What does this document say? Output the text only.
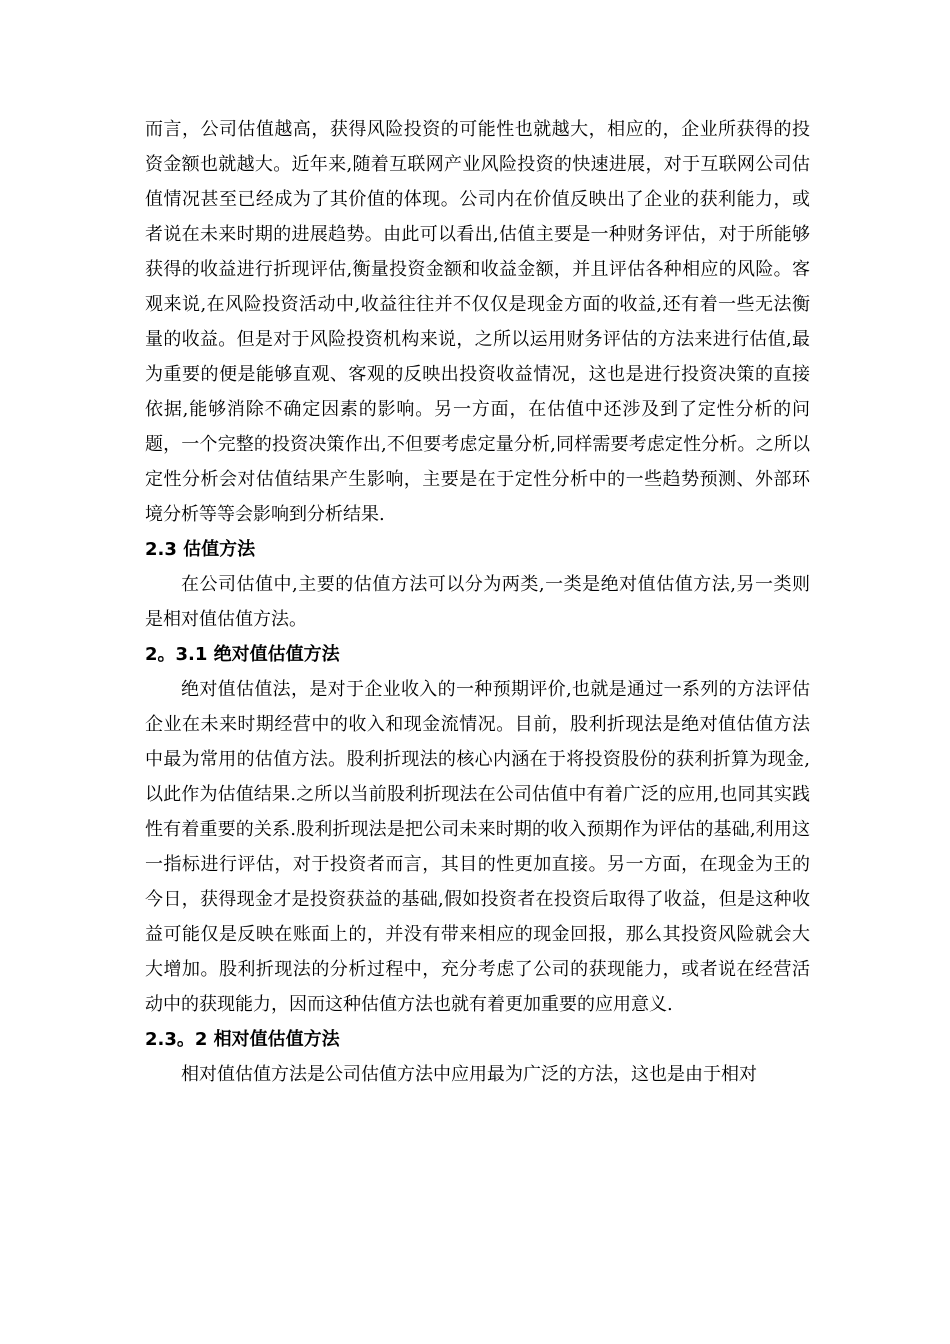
而言，公司估值越高，获得风险投资的可能性也就越大，相应的，企业所获得的投资金额也就越大。近年来,随着互联网产业风险投资的快速进展，对于互联网公司估值情况甚至已经成为了其价值的体现。公司内在价值反映出了企业的获利能力，或者说在未来时期的进展趋势。由此可以看出,估值主要是一种财务评估，对于所能够获得的收益进行折现评估,衡量投资金额和收益金额，并且评估各种相应的风险。客观来说,在风险投资活动中,收益往往并不仅仅是现金方面的收益,还有着一些无法衡量的收益。但是对于风险投资机构来说，之所以运用财务评估的方法来进行估值,最为重要的便是能够直观、客观的反映出投资收益情况，这也是进行投资决策的直接依据,能够消除不确定因素的影响。另一方面，在估值中还涉及到了定性分析的问题，一个完整的投资决策作出,不但要考虑定量分析,同样需要考虑定性分析。之所以定性分析会对估值结果产生影响，主要是在于定性分析中的一些趋势预测、外部环境分析等等会影响到分析结果.

2.3 估值方法

在公司估值中,主要的估值方法可以分为两类,一类是绝对值估值方法,另一类则是相对值估值方法。

2。3.1 绝对值估值方法

绝对值估值法，是对于企业收入的一种预期评价,也就是通过一系列的方法评估企业在未来时期经营中的收入和现金流情况。目前，股利折现法是绝对值估值方法中最为常用的估值方法。股利折现法的核心内涵在于将投资股份的获利折算为现金,以此作为估值结果.之所以当前股利折现法在公司估值中有着广泛的应用,也同其实践性有着重要的关系.股利折现法是把公司未来时期的收入预期作为评估的基础,利用这一指标进行评估，对于投资者而言，其目的性更加直接。另一方面，在现金为王的今日，获得现金才是投资获益的基础,假如投资者在投资后取得了收益，但是这种收益可能仅是反映在账面上的，并没有带来相应的现金回报，那么其投资风险就会大大增加。股利折现法的分析过程中，充分考虑了公司的获现能力，或者说在经营活动中的获现能力，因而这种估值方法也就有着更加重要的应用意义.

2.3。2 相对值估值方法

相对值估值方法是公司估值方法中应用最为广泛的方法，这也是由于相对
